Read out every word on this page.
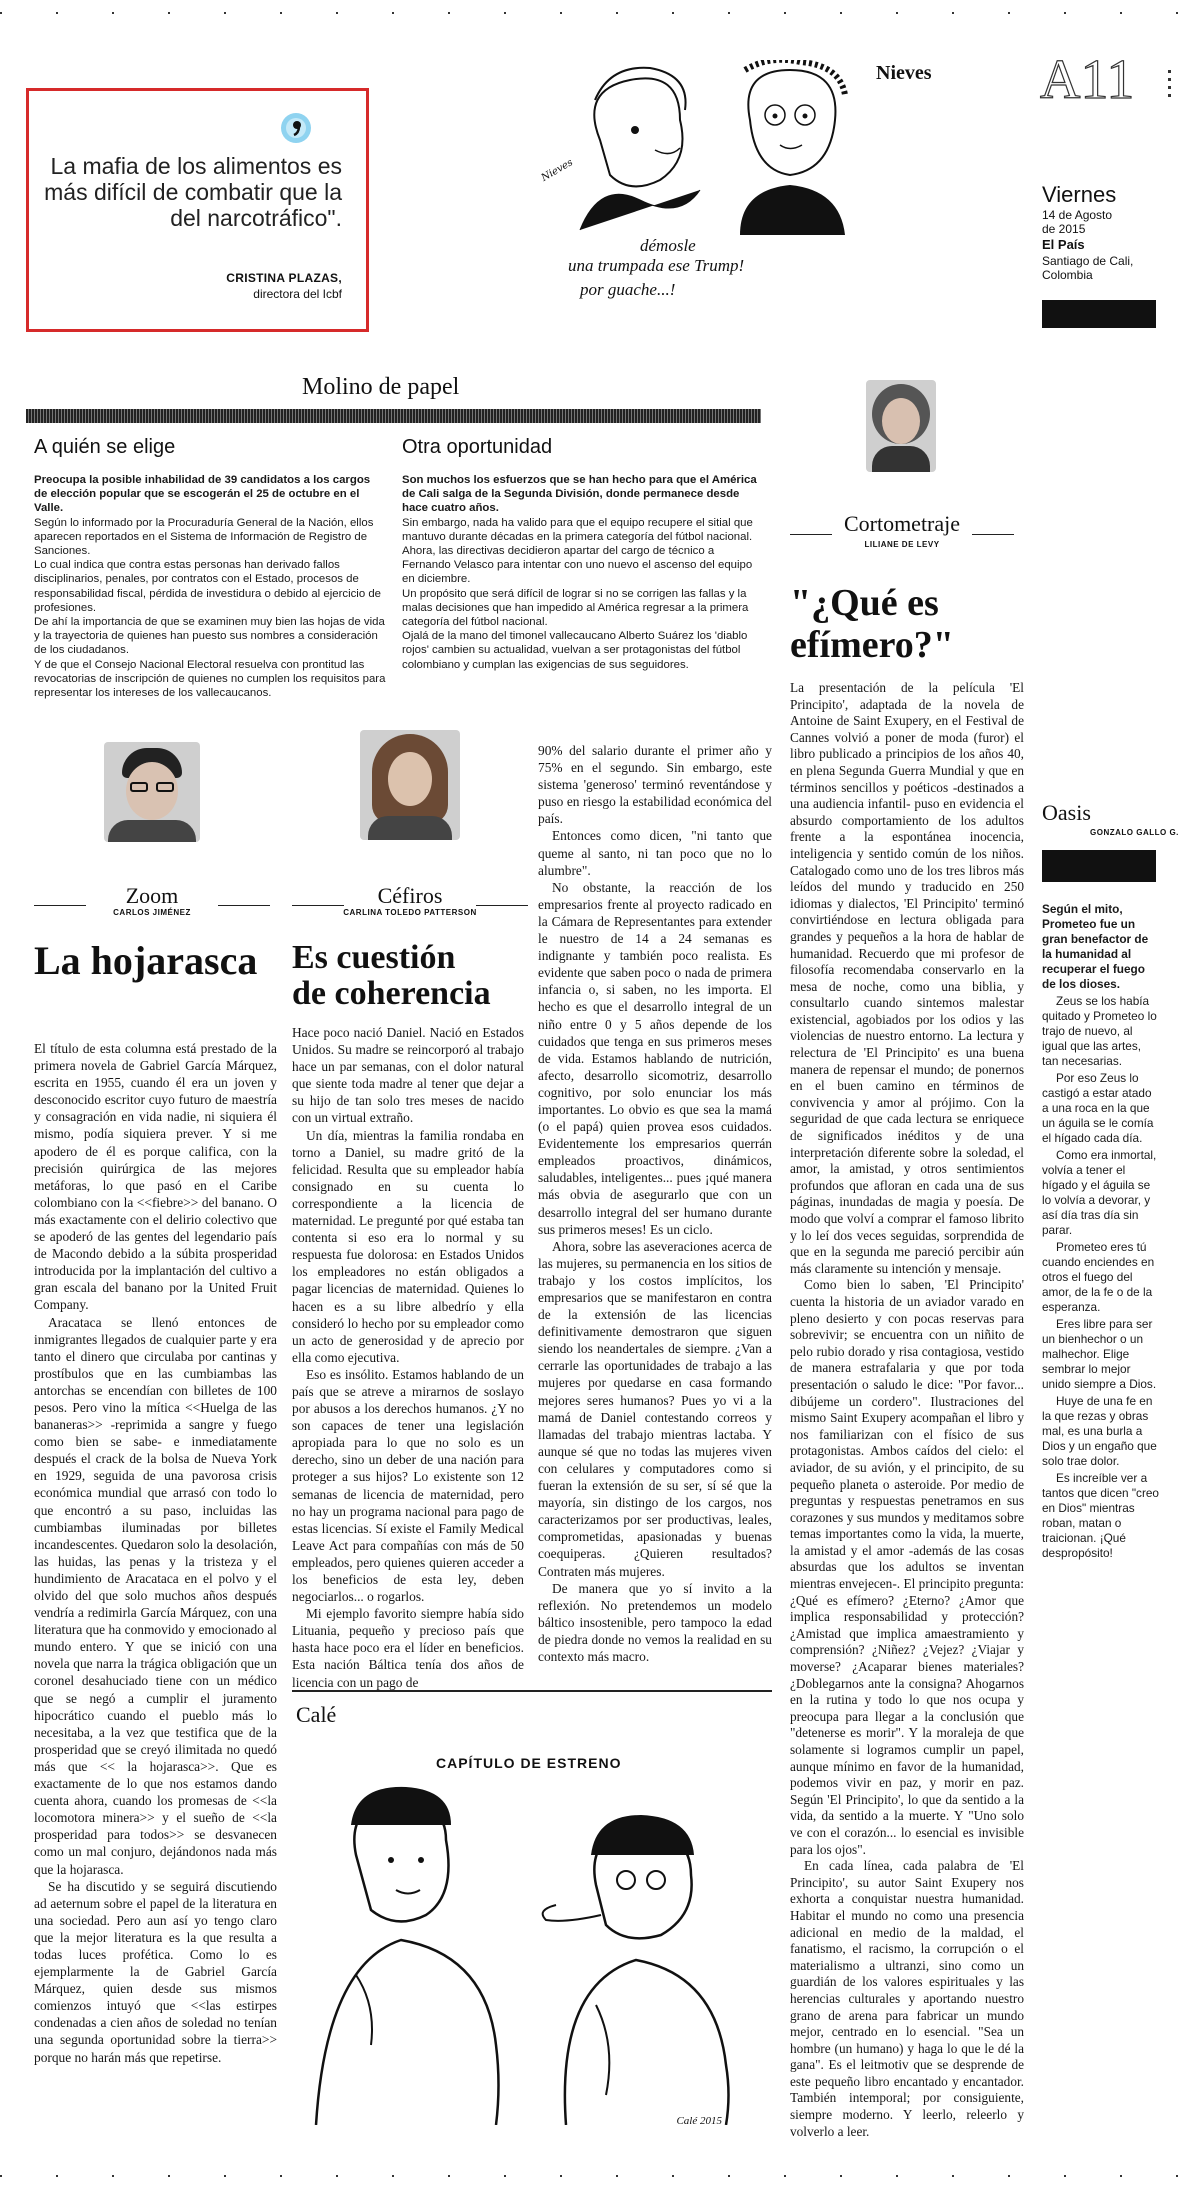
La mafia de los alimentos es más difícil de combatir que la del narcotráfico".
CRISTINA PLAZAS,
directora del Icbf
Nieves
démosle
una trumpada ese Trump!
por guache...!
Nieves A11
Viernes
14 de Agosto
de 2015
El País
Santiago de Cali,
Colombia
Molino de papel
A quién se elige
Preocupa la posible inhabilidad de 39 candidatos a los cargos de elección popular que se escogerán el 25 de octubre en el Valle.
Según lo informado por la Procuraduría General de la Nación, ellos aparecen reportados en el Sistema de Información de Registro de Sanciones.
Lo cual indica que contra estas personas han derivado fallos disciplinarios, penales, por contratos con el Estado, procesos de responsabilidad fiscal, pérdida de investidura o debido al ejercicio de profesiones.
De ahí la importancia de que se examinen muy bien las hojas de vida y la trayectoria de quienes han puesto sus nombres a consideración de los ciudadanos.
Y de que el Consejo Nacional Electoral resuelva con prontitud las revocatorias de inscripción de quienes no cumplen los requisitos para representar los intereses de los vallecaucanos.
Otra oportunidad
Son muchos los esfuerzos que se han hecho para que el América de Cali salga de la Segunda División, donde permanece desde hace cuatro años.
Sin embargo, nada ha valido para que el equipo recupere el sitial que mantuvo durante décadas en la primera categoría del fútbol nacional.
Ahora, las directivas decidieron apartar del cargo de técnico a Fernando Velasco para intentar con uno nuevo el ascenso del equipo en diciembre.
Un propósito que será difícil de lograr si no se corrigen las fallas y la malas decisiones que han impedido al América regresar a la primera categoría del fútbol nacional.
Ojalá de la mano del timonel vallecaucano Alberto Suárez los 'diablo rojos' cambien su actualidad, vuelvan a ser protagonistas del fútbol colombiano y cumplan las exigencias de sus seguidores.
Cortometraje
LILIANE DE LEVY
"¿Qué es efímero?"

La presentación de la película 'El Principito', adaptada de la novela de Antoine de Saint Exupery, en el Festival de Cannes volvió a poner de moda (furor) el libro publicado a principios de los años 40, en plena Segunda Guerra Mundial y que en términos sencillos y poéticos -destinados a una audiencia infantil- puso en evidencia el absurdo comportamiento de los adultos frente a la espontánea inocencia, inteligencia y sentido común de los niños. Catalogado como uno de los tres libros más leídos del mundo y traducido en 250 idiomas y dialectos, 'El Principito' terminó convirtiéndose en lectura obligada para grandes y pequeños a la hora de hablar de humanidad. Recuerdo que mi profesor de filosofía recomendaba conservarlo en la mesa de noche, como una biblia, y consultarlo cuando sintemos malestar existencial, agobiados por los odios y las violencias de nuestro entorno. La lectura y relectura de 'El Principito' es una buena manera de repensar el mundo; de ponernos en el buen camino en términos de convivencia y amor al prójimo. Con la seguridad de que cada lectura se enriquece de significados inéditos y de una interpretación diferente sobre la soledad, el amor, la amistad, y otros sentimientos profundos que afloran en cada una de sus páginas, inundadas de magia y poesía. De modo que volví a comprar el famoso librito y lo leí dos veces seguidas, sorprendida de que en la segunda me pareció percibir aún más claramente su intención y mensaje.

Como bien lo saben, 'El Principito' cuenta la historia de un aviador varado en pleno desierto y con pocas reservas para sobrevivir; se encuentra con un niñito de pelo rubio dorado y risa contagiosa, vestido de manera estrafalaria y que por toda presentación o saludo le dice: "Por favor... dibújeme un cordero". Ilustraciones del mismo Saint Exupery acompañan el libro y nos familiarizan con el físico de sus protagonistas. Ambos caídos del cielo: el aviador, de su avión, y el principito, de su pequeño planeta o asteroide. Por medio de preguntas y respuestas penetramos en sus corazones y sus mundos y meditamos sobre temas importantes como la vida, la muerte, la amistad y el amor -además de las cosas absurdas que los adultos se inventan mientras envejecen-. El principito pregunta: ¿Qué es efímero? ¿Eterno? ¿Amor que implica responsabilidad y protección? ¿Amistad que implica amaestramiento y comprensión? ¿Niñez? ¿Vejez? ¿Viajar y moverse? ¿Acaparar bienes materiales? ¿Doblegarnos ante la consigna? Ahogarnos en la rutina y todo lo que nos ocupa y preocupa para llegar a la conclusión que "detenerse es morir". Y la moraleja de que solamente si logramos cumplir un papel, aunque mínimo en favor de la humanidad, podemos vivir en paz, y morir en paz. Según 'El Principito', lo que da sentido a la vida, da sentido a la muerte. Y "Uno solo ve con el corazón... lo esencial es invisible para los ojos".

En cada línea, cada palabra de 'El Principito', su autor Saint Exupery nos exhorta a conquistar nuestra humanidad. Habitar el mundo no como una presencia adicional en medio de la maldad, el fanatismo, el racismo, la corrupción o el materialismo a ultranzi, sino como un guardián de los valores espirituales y las herencias culturales y aportando nuestro grano de arena para fabricar un mundo mejor, centrado en lo esencial. "Sea un hombre (un humano) y haga lo que le dé la gana". Es el leitmotiv que se desprende de este pequeño libro encantado y encantador. También intemporal; por consiguiente, siempre moderno. Y leerlo, releerlo y volverlo a leer.

Oasis
GONZALO GALLO G.
Según el mito, Prometeo fue un gran benefactor de la humanidad al recuperar el fuego de los dioses.

Zeus se los había quitado y Prometeo lo trajo de nuevo, al igual que las artes, tan necesarias.

Por eso Zeus lo castigó a estar atado a una roca en la que un águila se le comía el hígado cada día.

Como era inmortal, volvía a tener el hígado y el águila se lo volvía a devorar, y así día tras día sin parar.

Prometeo eres tú cuando enciendes en otros el fuego del amor, de la fe o de la esperanza.

Eres libre para ser un bienhechor o un malhechor. Elige sembrar lo mejor unido siempre a Dios.

Huye de una fe en la que rezas y obras mal, es una burla a Dios y un engaño que solo trae dolor.

Es increíble ver a tantos que dicen "creo en Dios" mientras roban, matan o traicionan. ¡Qué despropósito!

Zoom
CARLOS JIMÉNEZ
La hojarasca

El título de esta columna está prestado de la primera novela de Gabriel García Márquez, escrita en 1955, cuando él era un joven y desconocido escritor cuyo futuro de maestría y consagración en vida nadie, ni siquiera él mismo, podía siquiera prever. Y si me apodero de él es porque califica, con la precisión quirúrgica de las mejores metáforas, lo que pasó en el Caribe colombiano con la <<fiebre>> del banano. O más exactamente con el delirio colectivo que se apoderó de las gentes del legendario país de Macondo debido a la súbita prosperidad introducida por la implantación del cultivo a gran escala del banano por la United Fruit Company.

Aracataca se llenó entonces de inmigrantes llegados de cualquier parte y era tanto el dinero que circulaba por cantinas y prostíbulos que en las cumbiambas las antorchas se encendían con billetes de 100 pesos. Pero vino la mítica <<Huelga de las bananeras>> -reprimida a sangre y fuego como bien se sabe- e inmediatamente después el crack de la bolsa de Nueva York en 1929, seguida de una pavorosa crisis económica mundial que arrasó con todo lo que encontró a su paso, incluidas las cumbiambas iluminadas por billetes incandescentes. Quedaron solo la desolación, las huidas, las penas y la tristeza y el hundimiento de Aracataca en el polvo y el olvido del que solo muchos años después vendría a redimirla García Márquez, con una literatura que ha conmovido y emocionado al mundo entero. Y que se inició con una novela que narra la trágica obligación que un coronel desahuciado tiene con un médico que se negó a cumplir el juramento hipocrático cuando el pueblo más lo necesitaba, a la vez que testifica que de la prosperidad que se creyó ilimitada no quedó más que << la hojarasca>>. Que es exactamente de lo que nos estamos dando cuenta ahora, cuando los promesas de <<la locomotora minera>> y el sueño de <<la prosperidad para todos>> se desvanecen como un mal conjuro, dejándonos nada más que la hojarasca.

Se ha discutido y se seguirá discutiendo ad aeternum sobre el papel de la literatura en una sociedad. Pero aun así yo tengo claro que la mejor literatura es la que resulta a todas luces profética. Como lo es ejemplarmente la de Gabriel García Márquez, quien desde sus mismos comienzos intuyó que <<las estirpes condenadas a cien años de soledad no tenían una segunda oportunidad sobre la tierra>> porque no harán más que repetirse.

Céfiros
CARLINA TOLEDO PATTERSON
Es cuestión
de coherencia

Hace poco nació Daniel. Nació en Estados Unidos. Su madre se reincorporó al trabajo hace un par semanas, con el dolor natural que siente toda madre al tener que dejar a su hijo de tan solo tres meses de nacido con un virtual extraño.

Un día, mientras la familia rondaba en torno a Daniel, su madre gritó de la felicidad. Resulta que su empleador había consignado en su cuenta lo correspondiente a la licencia de maternidad. Le pregunté por qué estaba tan contenta si eso era lo normal y su respuesta fue dolorosa: en Estados Unidos los empleadores no están obligados a pagar licencias de maternidad. Quienes lo hacen es a su libre albedrío y ella consideró lo hecho por su empleador como un acto de generosidad y de aprecio por ella como ejecutiva.

Eso es insólito. Estamos hablando de un país que se atreve a mirarnos de soslayo por abusos a los derechos humanos. ¿Y no son capaces de tener una legislación apropiada para lo que no solo es un derecho, sino un deber de una nación para proteger a sus hijos? Lo existente son 12 semanas de licencia de maternidad, pero no hay un programa nacional para pago de estas licencias. Sí existe el Family Medical Leave Act para compañías con más de 50 empleados, pero quienes quieren acceder a los beneficios de esta ley, deben negociarlos... o rogarlos.

Mi ejemplo favorito siempre había sido Lituania, pequeño y precioso país que hasta hace poco era el líder en beneficios. Esta nación Báltica tenía dos años de licencia con un pago de

90% del salario durante el primer año y 75% en el segundo. Sin embargo, este sistema 'generoso' terminó reventándose y puso en riesgo la estabilidad económica del país.

Entonces como dicen, "ni tanto que queme al santo, ni tan poco que no lo alumbre".

No obstante, la reacción de los empresarios frente al proyecto radicado en la Cámara de Representantes para extender le nuestro de 14 a 24 semanas es indignante y también poco realista. Es evidente que saben poco o nada de primera infancia o, si saben, no les importa. El hecho es que el desarrollo integral de un niño entre 0 y 5 años depende de los cuidados que tenga en sus primeros meses de vida. Estamos hablando de nutrición, afecto, desarrollo sicomotriz, desarrollo cognitivo, por solo enunciar los más importantes. Lo obvio es que sea la mamá (o el papá) quien provea esos cuidados. Evidentemente los empresarios querrán empleados proactivos, dinámicos, saludables, inteligentes... pues ¡qué manera más obvia de asegurarlo que con un desarrollo integral del ser humano durante sus primeros meses! Es un ciclo.

Ahora, sobre las aseveraciones acerca de las mujeres, su permanencia en los sitios de trabajo y los costos implícitos, los empresarios que se manifestaron en contra de la extensión de las licencias definitivamente demostraron que siguen siendo los neandertales de siempre. ¿Van a cerrarle las oportunidades de trabajo a las mujeres por quedarse en casa formando mejores seres humanos? Pues yo vi a la mamá de Daniel contestando correos y llamadas del trabajo mientras lactaba. Y aunque sé que no todas las mujeres viven con celulares y computadores como si fueran la extensión de su ser, sí sé que la mayoría, sin distingo de los cargos, nos caracterizamos por ser productivas, leales, comprometidas, apasionadas y buenas coequiperas. ¿Quieren resultados? Contraten más mujeres.

De manera que yo sí invito a la reflexión. No pretendemos un modelo báltico insostenible, pero tampoco la edad de piedra donde no vemos la realidad en su contexto más macro.

Calé
CAPÍTULO DE ESTRENO
Calé 2015
